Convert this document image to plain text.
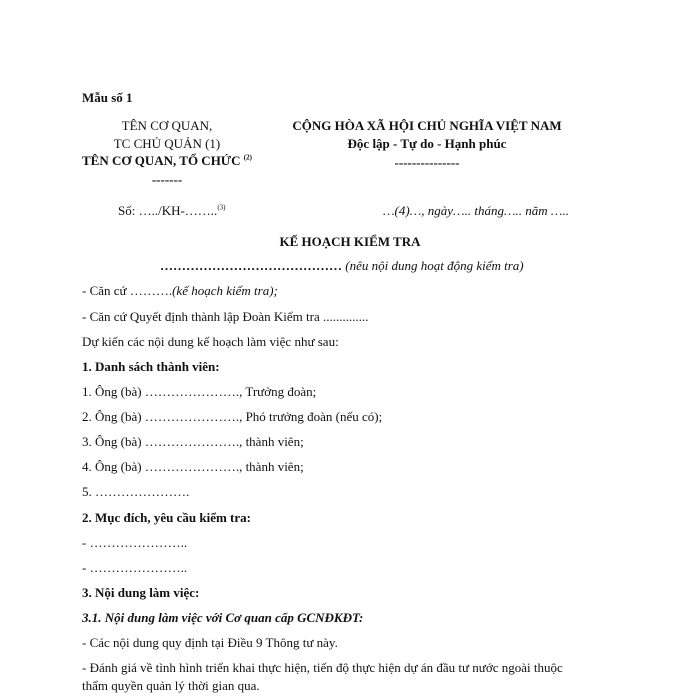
Mẫu số 1
TÊN CƠ QUAN,
TC CHỦ QUẢN (1)
TÊN CƠ QUAN, TỔ CHỨC $^{(2)}$
-------
CỘNG HÒA XÃ HỘI CHỦ NGHĨA VIỆT NAM
Độc lập - Tự do - Hạnh phúc
---------------
Số: …../KH-……..$^{(3)}$	…(4)…, ngày….. tháng….. năm …..
KẾ HOẠCH KIỂM TRA
…………………………………… (nêu nội dung hoạt động kiểm tra)
- Căn cứ ……….(kế hoạch kiểm tra);
- Căn cứ Quyết định thành lập Đoàn Kiểm tra ..............
Dự kiến các nội dung kế hoạch làm việc như sau:
1. Danh sách thành viên:
1. Ông (bà) …………………., Trưởng đoàn;
2. Ông (bà) …………………., Phó trưởng đoàn (nếu có);
3. Ông (bà) …………………., thành viên;
4. Ông (bà) …………………., thành viên;
5. ………………….
2. Mục đích, yêu cầu kiểm tra:
- …………………..
- …………………..
3. Nội dung làm việc:
3.1. Nội dung làm việc với Cơ quan cấp GCNĐKĐT:
- Các nội dung quy định tại Điều 9 Thông tư này.
- Đánh giá về tình hình triển khai thực hiện, tiến độ thực hiện dự án đầu tư nước ngoài thuộc
thẩm quyền quản lý thời gian qua.
